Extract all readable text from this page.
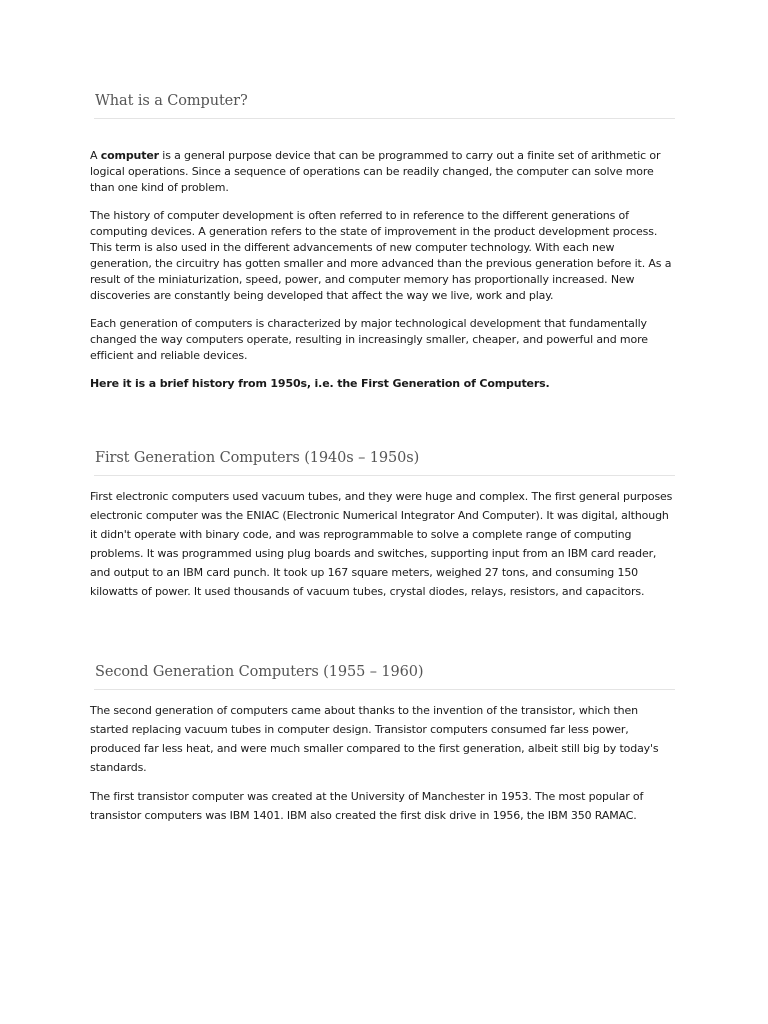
What is a Computer?

A computer is a general purpose device that can be programmed to carry out a finite set of arithmetic or logical operations. Since a sequence of operations can be readily changed, the computer can solve more than one kind of problem.

The history of computer development is often referred to in reference to the different generations of computing devices. A generation refers to the state of improvement in the product development process. This term is also used in the different advancements of new computer technology. With each new generation, the circuitry has gotten smaller and more advanced than the previous generation before it. As a result of the miniaturization, speed, power, and computer memory has proportionally increased. New discoveries are constantly being developed that affect the way we live, work and play.

Each generation of computers is characterized by major technological development that fundamentally changed the way computers operate, resulting in increasingly smaller, cheaper, and powerful and more efficient and reliable devices.

Here it is a brief history from 1950s, i.e. the First Generation of Computers.

First Generation Computers (1940s – 1950s)

First electronic computers used vacuum tubes, and they were huge and complex. The first general purposes electronic computer was the ENIAC (Electronic Numerical Integrator And Computer). It was digital, although it didn't operate with binary code, and was reprogrammable to solve a complete range of computing problems. It was programmed using plug boards and switches, supporting input from an IBM card reader, and output to an IBM card punch. It took up 167 square meters, weighed 27 tons, and consuming 150 kilowatts of power. It used thousands of vacuum tubes, crystal diodes, relays, resistors, and capacitors.

Second Generation Computers (1955 – 1960)

The second generation of computers came about thanks to the invention of the transistor, which then started replacing vacuum tubes in computer design. Transistor computers consumed far less power, produced far less heat, and were much smaller compared to the first generation, albeit still big by today's standards.

The first transistor computer was created at the University of Manchester in 1953. The most popular of transistor computers was IBM 1401. IBM also created the first disk drive in 1956, the IBM 350 RAMAC.
